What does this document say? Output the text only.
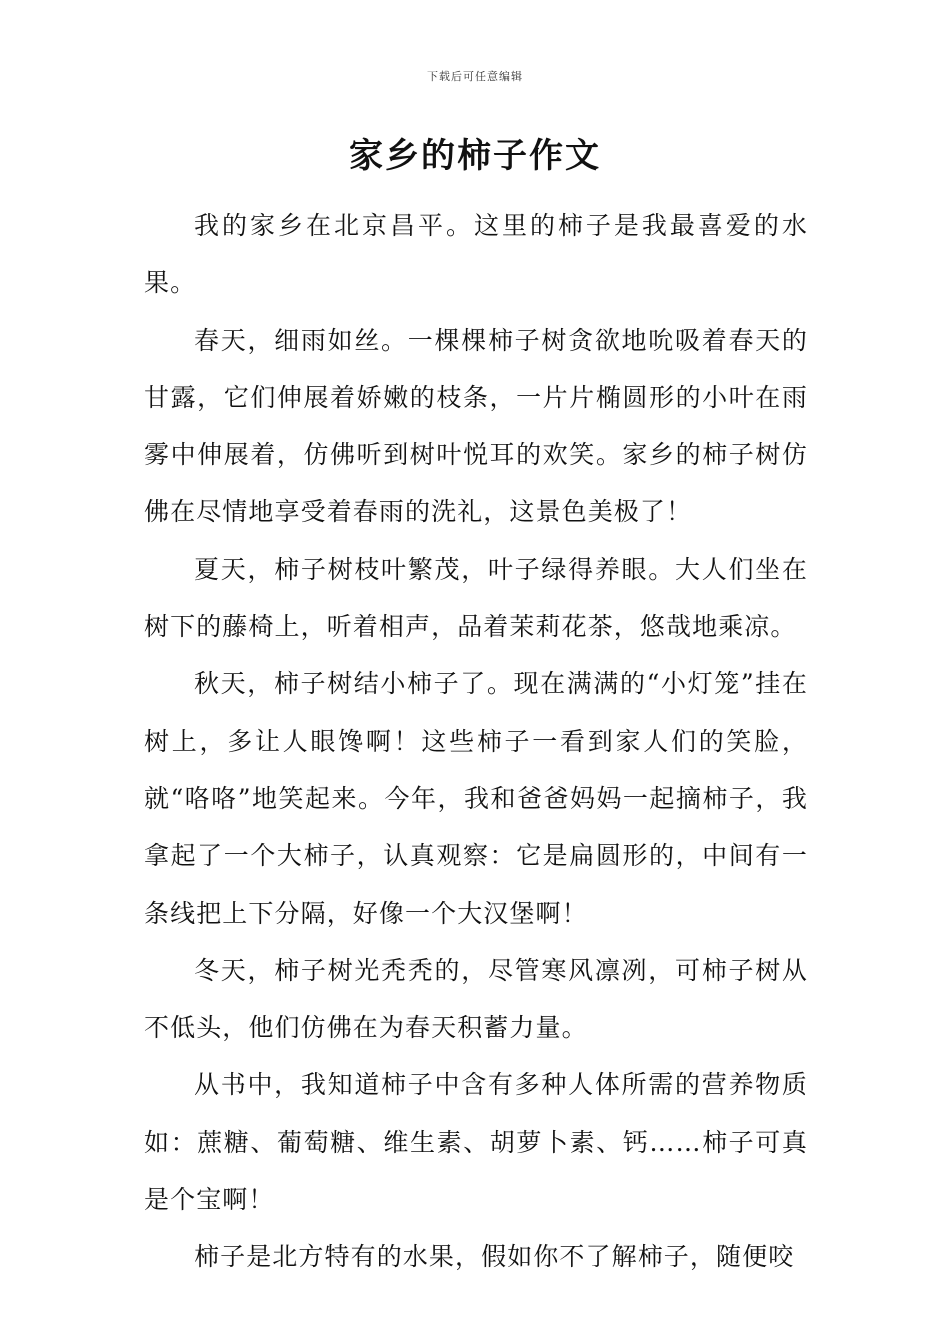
下载后可任意编辑
家乡的柿子作文

我的家乡在北京昌平。这里的柿子是我最喜爱的水果。

春天，细雨如丝。一棵棵柿子树贪欲地吮吸着春天的甘露，它们伸展着娇嫩的枝条，一片片椭圆形的小叶在雨雾中伸展着，仿佛听到树叶悦耳的欢笑。家乡的柿子树仿佛在尽情地享受着春雨的洗礼，这景色美极了！

夏天，柿子树枝叶繁茂，叶子绿得养眼。大人们坐在树下的藤椅上，听着相声，品着茉莉花茶，悠哉地乘凉。

秋天，柿子树结小柿子了。现在满满的“小灯笼”挂在树上，多让人眼馋啊！这些柿子一看到家人们的笑脸，就“咯咯”地笑起来。今年，我和爸爸妈妈一起摘柿子，我拿起了一个大柿子，认真观察：它是扁圆形的，中间有一条线把上下分隔，好像一个大汉堡啊！

冬天，柿子树光秃秃的，尽管寒风凛冽，可柿子树从不低头，他们仿佛在为春天积蓄力量。

从书中，我知道柿子中含有多种人体所需的营养物质如：蔗糖、葡萄糖、维生素、胡萝卜素、钙……柿子可真是个宝啊！

柿子是北方特有的水果，假如你不了解柿子，随便咬
